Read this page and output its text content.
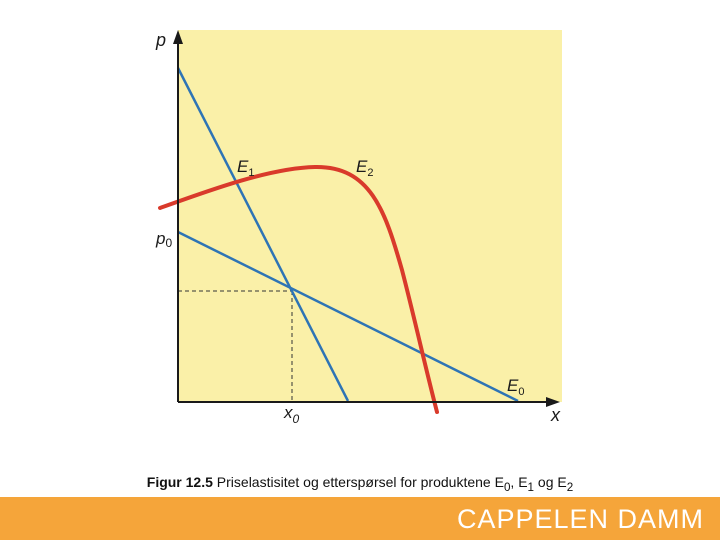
p
x
p0
$x_0$
$E_1$	$E_2$
$E_0$
Figur 12.5 Priselastisitet og etterspørsel for produktene $E_0$, $E_1$ og $E_2$
CAPPELEN DAMM
